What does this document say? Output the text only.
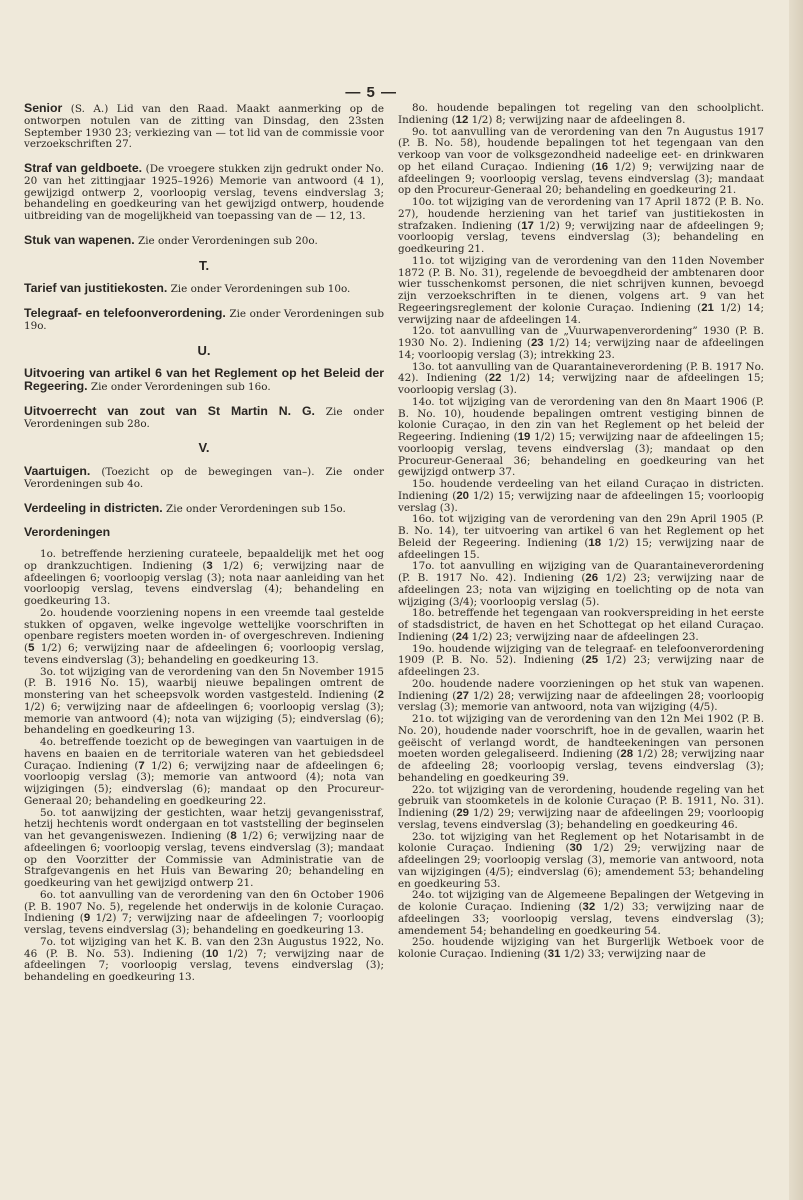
— 5 —
Senior (S. A.) Lid van den Raad. Maakt aanmerking op de ontworpen notulen van de zitting van Dinsdag, den 23sten September 1930 23; verkiezing van — tot lid van de commissie voor verzoekschriften 27.
Straf van geldboete. (De vroegere stukken zijn gedrukt onder No. 20 van het zittingjaar 1925–1926) Memorie van antwoord (4 1), gewijzigd ontwerp 2, voorloopig verslag, tevens eindverslag 3; behandeling en goedkeuring van het gewijzigd ontwerp, houdende uitbreiding van de mogelijkheid van toepassing van de — 12, 13.
Stuk van wapenen. Zie onder Verordeningen sub 20o.
T.
Tarief van justitiekosten. Zie onder Verordeningen sub 10o.
Telegraaf- en telefoonverordening. Zie onder Verordeningen sub 19o.
U.
Uitvoering van artikel 6 van het Reglement op het Beleid der Regeering. Zie onder Verordeningen sub 16o.
Uitvoerrecht van zout van St Martin N. G. Zie onder Verordeningen sub 28o.
V.
Vaartuigen. (Toezicht op de bewegingen van–). Zie onder Verordeningen sub 4o.
Verdeeling in districten. Zie onder Verordeningen sub 15o.
Verordeningen

1o. betreffende herziening curateele, bepaaldelijk met het oog op drankzuchtigen. Indiening (3 1/2) 6; verwijzing naar de afdeelingen 6; voorloopig verslag (3); nota naar aanleiding van het voorloopig verslag, tevens eindverslag (4); behandeling en goedkeuring 13.

2o. houdende voorziening nopens in een vreemde taal gestelde stukken of opgaven, welke ingevolge wettelijke voorschriften in openbare registers moeten worden in- of overgeschreven. Indiening (5 1/2) 6; verwijzing naar de afdeelingen 6; voorloopig verslag, tevens eindverslag (3); behandeling en goedkeuring 13.

3o. tot wijziging van de verordening van den 5n November 1915 (P. B. 1916 No. 15), waarbij nieuwe bepalingen omtrent de monstering van het scheepsvolk worden vastgesteld. Indiening (2 1/2) 6; verwijzing naar de afdeelingen 6; voorloopig verslag (3); memorie van antwoord (4); nota van wijziging (5); eindverslag (6); behandeling en goedkeuring 13.

4o. betreffende toezicht op de bewegingen van vaartuigen in de havens en baaien en de territoriale wateren van het gebiedsdeel Curaçao. Indiening (7 1/2) 6; verwijzing naar de afdeelingen 6; voorloopig verslag (3); memorie van antwoord (4); nota van wijzigingen (5); eindverslag (6); mandaat op den Procureur-Generaal 20; behandeling en goedkeuring 22.

5o. tot aanwijzing der gestichten, waar hetzij gevangenisstraf, hetzij hechtenis wordt ondergaan en tot vaststelling der beginselen van het gevangeniswezen. Indiening (8 1/2) 6; verwijzing naar de afdeelingen 6; voorloopig verslag, tevens eindverslag (3); mandaat op den Voorzitter der Commissie van Administratie van de Strafgevangenis en het Huis van Bewaring 20; behandeling en goedkeuring van het gewijzigd ontwerp 21.

6o. tot aanvulling van de verordening van den 6n October 1906 (P. B. 1907 No. 5), regelende het onderwijs in de kolonie Curaçao. Indiening (9 1/2) 7; verwijzing naar de afdeelingen 7; voorloopig verslag, tevens eindverslag (3); behandeling en goedkeuring 13.

7o. tot wijziging van het K. B. van den 23n Augustus 1922, No. 46 (P. B. No. 53). Indiening (10 1/2) 7; verwijzing naar de afdeelingen 7; voorloopig verslag, tevens eindverslag (3); behandeling en goedkeuring 13.

8o. houdende bepalingen tot regeling van den schoolplicht. Indiening (12 1/2) 8; verwijzing naar de afdeelingen 8.

9o. tot aanvulling van de verordening van den 7n Augustus 1917 (P. B. No. 58), houdende bepalingen tot het tegengaan van den verkoop van voor de volksgezondheid nadeelige eet- en drinkwaren op het eiland Curaçao. Indiening (16 1/2) 9; verwijzing naar de afdeelingen 9; voorloopig verslag, tevens eindverslag (3); mandaat op den Procureur-Generaal 20; behandeling en goedkeuring 21.

10o. tot wijziging van de verordening van 17 April 1872 (P. B. No. 27), houdende herziening van het tarief van justitiekosten in strafzaken. Indiening (17 1/2) 9; verwijzing naar de afdeelingen 9; voorloopig verslag, tevens eindverslag (3); behandeling en goedkeuring 21.

11o. tot wijziging van de verordening van den 11den November 1872 (P. B. No. 31), regelende de bevoegdheid der ambtenaren door wier tusschenkomst personen, die niet schrijven kunnen, bevoegd zijn verzoekschriften in te dienen, volgens art. 9 van het Regeeringsreglement der kolonie Curaçao. Indiening (21 1/2) 14; verwijzing naar de afdeelingen 14.

12o. tot aanvulling van de „Vuurwapenverordening” 1930 (P. B. 1930 No. 2). Indiening (23 1/2) 14; verwijzing naar de afdeelingen 14; voorloopig verslag (3); intrekking 23.

13o. tot aanvulling van de Quarantaineverordening (P. B. 1917 No. 42). Indiening (22 1/2) 14; verwijzing naar de afdeelingen 15; voorloopig verslag (3).

14o. tot wijziging van de verordening van den 8n Maart 1906 (P. B. No. 10), houdende bepalingen omtrent vestiging binnen de kolonie Curaçao, in den zin van het Reglement op het beleid der Regeering. Indiening (19 1/2) 15; verwijzing naar de afdeelingen 15; voorloopig verslag, tevens eindverslag (3); mandaat op den Procureur-Generaal 36; behandeling en goedkeuring van het gewijzigd ontwerp 37.

15o. houdende verdeeling van het eiland Curaçao in districten. Indiening (20 1/2) 15; verwijzing naar de afdeelingen 15; voorloopig verslag (3).

16o. tot wijziging van de verordening van den 29n April 1905 (P. B. No. 14), ter uitvoering van artikel 6 van het Reglement op het Beleid der Regeering. Indiening (18 1/2) 15; verwijzing naar de afdeelingen 15.

17o. tot aanvulling en wijziging van de Quarantaineverordening (P. B. 1917 No. 42). Indiening (26 1/2) 23; verwijzing naar de afdeelingen 23; nota van wijziging en toelichting op de nota van wijziging (3/4); voorloopig verslag (5).

18o. betreffende het tegengaan van rookverspreiding in het eerste of stadsdistrict, de haven en het Schottegat op het eiland Curaçao. Indiening (24 1/2) 23; verwijzing naar de afdeelingen 23.

19o. houdende wijziging van de telegraaf- en telefoonverordening 1909 (P. B. No. 52). Indiening (25 1/2) 23; verwijzing naar de afdeelingen 23.

20o. houdende nadere voorzieningen op het stuk van wapenen. Indiening (27 1/2) 28; verwijzing naar de afdeelingen 28; voorloopig verslag (3); memorie van antwoord, nota van wijziging (4/5).

21o. tot wijziging van de verordening van den 12n Mei 1902 (P. B. No. 20), houdende nader voorschrift, hoe in de gevallen, waarin het geëischt of verlangd wordt, de handteekeningen van personen moeten worden gelegaliseerd. Indiening (28 1/2) 28; verwijzing naar de afdeeling 28; voorloopig verslag, tevens eindverslag (3); behandeling en goedkeuring 39.

22o. tot wijziging van de verordening, houdende regeling van het gebruik van stoomketels in de kolonie Curaçao (P. B. 1911, No. 31). Indiening (29 1/2) 29; verwijzing naar de afdeelingen 29; voorloopig verslag, tevens eindverslag (3); behandeling en goedkeuring 46.

23o. tot wijziging van het Reglement op het Notarisambt in de kolonie Curaçao. Indiening (30 1/2) 29; verwijzing naar de afdeelingen 29; voorloopig verslag (3), memorie van antwoord, nota van wijzigingen (4/5); eindverslag (6); amendement 53; behandeling en goedkeuring 53.

24o. tot wijziging van de Algemeene Bepalingen der Wetgeving in de kolonie Curaçao. Indiening (32 1/2) 33; verwijzing naar de afdeelingen 33; voorloopig verslag, tevens eindverslag (3); amendement 54; behandeling en goedkeuring 54.

25o. houdende wijziging van het Burgerlijk Wetboek voor de kolonie Curaçao. Indiening (31 1/2) 33; verwijzing naar de
